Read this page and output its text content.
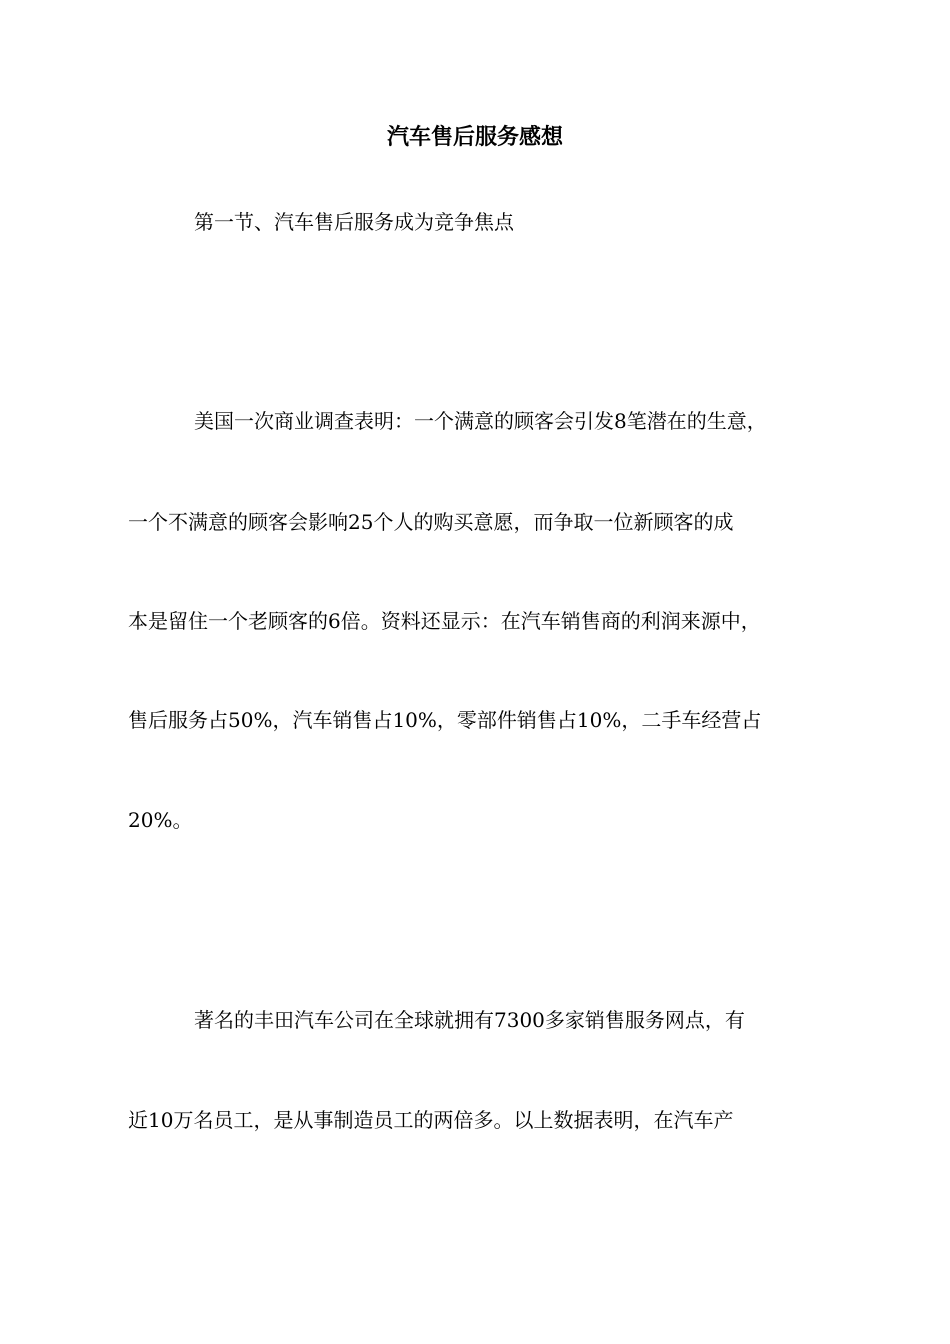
汽车售后服务感想

第一节、汽车售后服务成为竞争焦点

美国一次商业调查表明：一个满意的顾客会引发8笔潜在的生意，

一个不满意的顾客会影响25个人的购买意愿，而争取一位新顾客的成

本是留住一个老顾客的6倍。资料还显示：在汽车销售商的利润来源中，

售后服务占50%，汽车销售占10%，零部件销售占10%，二手车经营占

20%。

著名的丰田汽车公司在全球就拥有7300多家销售服务网点，有

近10万名员工，是从事制造员工的两倍多。以上数据表明，在汽车产
